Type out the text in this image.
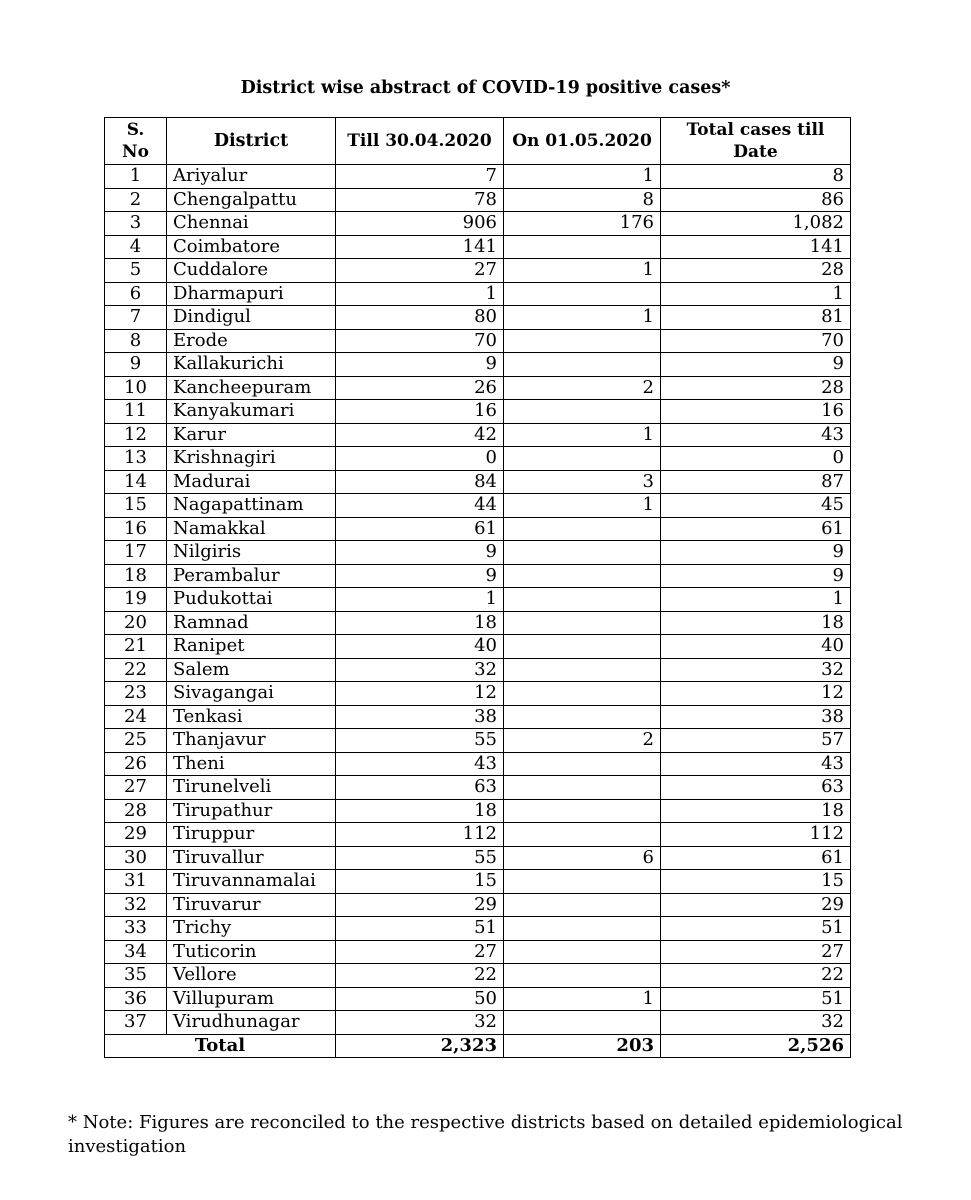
District wise abstract of COVID-19 positive cases*
S. No	District	Till 30.04.2020	On 01.05.2020	Total cases till Date
1	Ariyalur	7	1	8
2	Chengalpattu	78	8	86
3	Chennai	906	176	1,082
4	Coimbatore	141		141
5	Cuddalore	27	1	28
6	Dharmapuri	1		1
7	Dindigul	80	1	81
8	Erode	70		70
9	Kallakurichi	9		9
10	Kancheepuram	26	2	28
11	Kanyakumari	16		16
12	Karur	42	1	43
13	Krishnagiri	0		0
14	Madurai	84	3	87
15	Nagapattinam	44	1	45
16	Namakkal	61		61
17	Nilgiris	9		9
18	Perambalur	9		9
19	Pudukottai	1		1
20	Ramnad	18		18
21	Ranipet	40		40
22	Salem	32		32
23	Sivagangai	12		12
24	Tenkasi	38		38
25	Thanjavur	55	2	57
26	Theni	43		43
27	Tirunelveli	63		63
28	Tirupathur	18		18
29	Tiruppur	112		112
30	Tiruvallur	55	6	61
31	Tiruvannamalai	15		15
32	Tiruvarur	29		29
33	Trichy	51		51
34	Tuticorin	27		27
35	Vellore	22		22
36	Villupuram	50	1	51
37	Virudhunagar	32		32
Total		2,323	203	2,526
* Note: Figures are reconciled to the respective districts based on detailed epidemiological investigation
